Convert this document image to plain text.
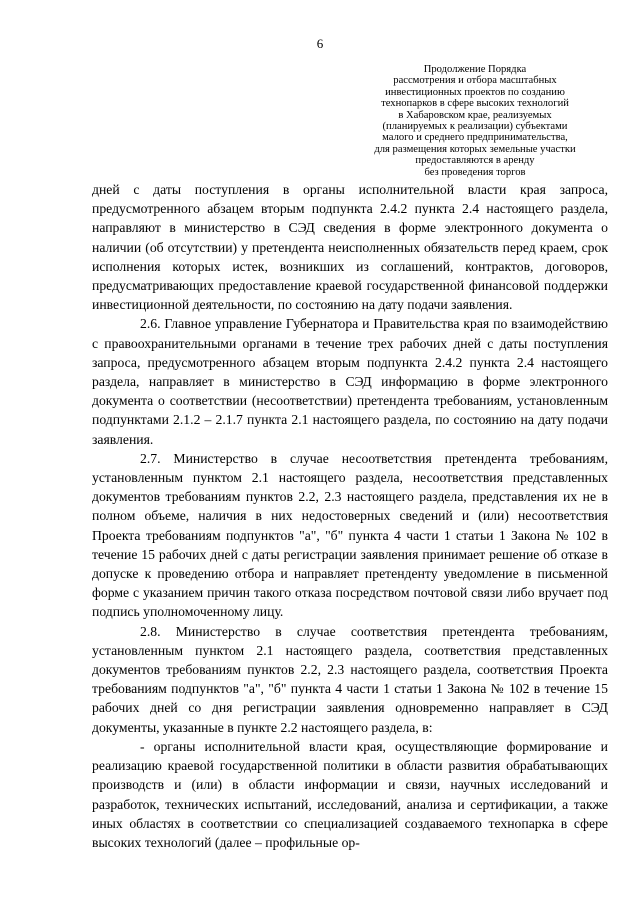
6
Продолжение Порядка
рассмотрения и отбора масштабных
инвестиционных проектов по созданию
технопарков в сфере высоких технологий
в Хабаровском крае, реализуемых
(планируемых к реализации) субъектами
малого и среднего предпринимательства,
для размещения которых земельные участки
предоставляются в аренду
без проведения торгов

дней с даты поступления в органы исполнительной власти края запроса, предусмотренного абзацем вторым подпункта 2.4.2 пункта 2.4 настоящего раздела, направляют в министерство в СЭД сведения в форме электронного документа о наличии (об отсутствии) у претендента неисполненных обязательств перед краем, срок исполнения которых истек, возникших из соглашений, контрактов, договоров, предусматривающих предоставление краевой государственной финансовой поддержки инвестиционной деятельности, по состоянию на дату подачи заявления.

2.6. Главное управление Губернатора и Правительства края по взаимодействию с правоохранительными органами в течение трех рабочих дней с даты поступления запроса, предусмотренного абзацем вторым подпункта 2.4.2 пункта 2.4 настоящего раздела, направляет в министерство в СЭД информацию в форме электронного документа о соответствии (несоответствии) претендента требованиям, установленным подпунктами 2.1.2 – 2.1.7 пункта 2.1 настоящего раздела, по состоянию на дату подачи заявления.

2.7. Министерство в случае несоответствия претендента требованиям, установленным пунктом 2.1 настоящего раздела, несоответствия представленных документов требованиям пунктов 2.2, 2.3 настоящего раздела, представления их не в полном объеме, наличия в них недостоверных сведений и (или) несоответствия Проекта требованиям подпунктов "а", "б" пункта 4 части 1 статьи 1 Закона № 102 в течение 15 рабочих дней с даты регистрации заявления принимает решение об отказе в допуске к проведению отбора и направляет претенденту уведомление в письменной форме с указанием причин такого отказа посредством почтовой связи либо вручает под подпись уполномоченному лицу.

2.8. Министерство в случае соответствия претендента требованиям, установленным пунктом 2.1 настоящего раздела, соответствия представленных документов требованиям пунктов 2.2, 2.3 настоящего раздела, соответствия Проекта требованиям подпунктов "а", "б" пункта 4 части 1 статьи 1 Закона № 102 в течение 15 рабочих дней со дня регистрации заявления одновременно направляет в СЭД документы, указанные в пункте 2.2 настоящего раздела, в:

- органы исполнительной власти края, осуществляющие формирование и реализацию краевой государственной политики в области развития обрабатывающих производств и (или) в области информации и связи, научных исследований и разработок, технических испытаний, исследований, анализа и сертификации, а также иных областях в соответствии со специализацией создаваемого технопарка в сфере высоких технологий (далее – профильные ор-
